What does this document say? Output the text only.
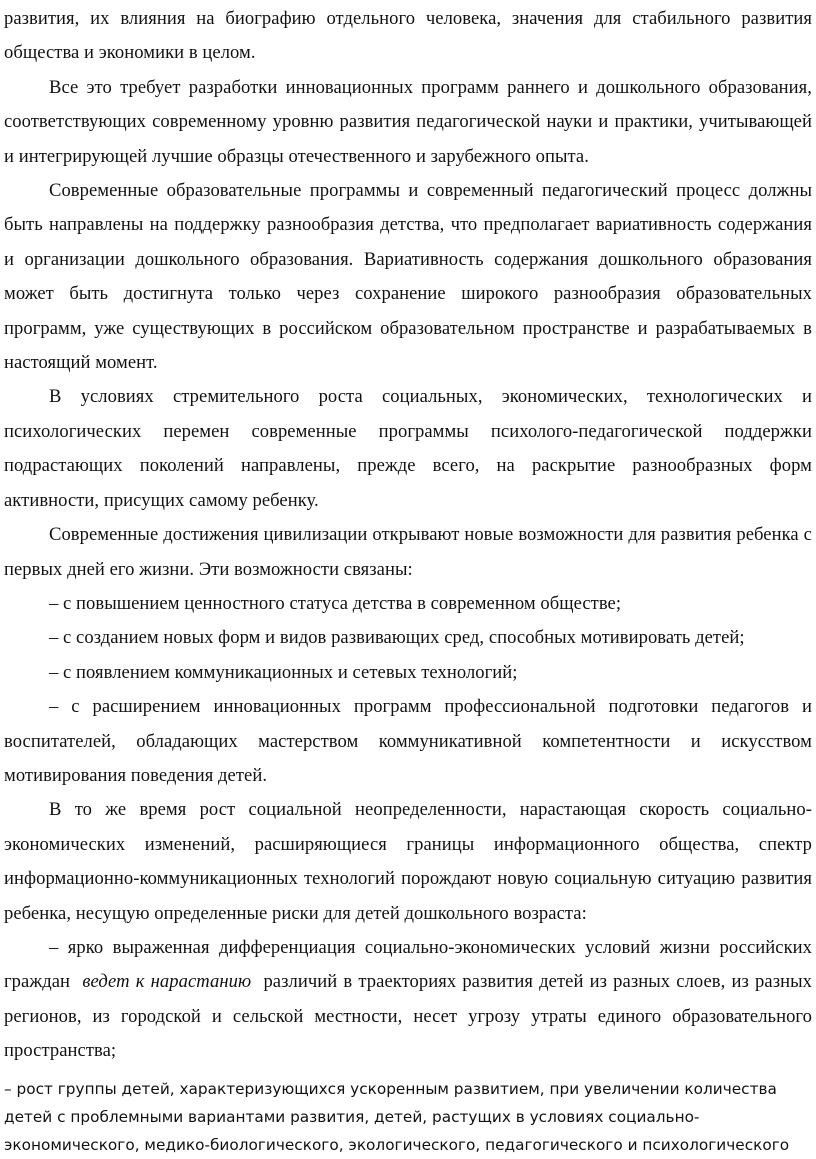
развития, их влияния на биографию отдельного человека, значения для стабильного развития общества и экономики в целом.

Все это требует разработки инновационных программ раннего и дошкольного образования, соответствующих современному уровню развития педагогической науки и практики, учитывающей и интегрирующей лучшие образцы отечественного и зарубежного опыта.

Современные образовательные программы и современный педагогический процесс должны быть направлены на поддержку разнообразия детства, что предполагает вариативность содержания и организации дошкольного образования. Вариативность содержания дошкольного образования может быть достигнута только через сохранение широкого разнообразия образовательных программ, уже существующих в российском образовательном пространстве и разрабатываемых в настоящий момент.

В условиях стремительного роста социальных, экономических, технологических и психологических перемен современные программы психолого-педагогической поддержки подрастающих поколений направлены, прежде всего, на раскрытие разнообразных форм активности, присущих самому ребенку.

Современные достижения цивилизации открывают новые возможности для развития ребенка с первых дней его жизни. Эти возможности связаны:

– с повышением ценностного статуса детства в современном обществе;

– с созданием новых форм и видов развивающих сред, способных мотивировать детей;

– с появлением коммуникационных и сетевых технологий;

– с расширением инновационных программ профессиональной подготовки педагогов и воспитателей, обладающих мастерством коммуникативной компетентности и искусством мотивирования поведения детей.

В то же время рост социальной неопределенности, нарастающая скорость социально-экономических изменений, расширяющиеся границы информационного общества, спектр информационно-коммуникационных технологий порождают новую социальную ситуацию развития ребенка, несущую определенные риски для детей дошкольного возраста:

– ярко выраженная дифференциация социально-экономических условий жизни российских граждан ведет к нарастанию различий в траекториях развития детей из разных слоев, из разных регионов, из городской и сельской местности, несет угрозу утраты единого образовательного пространства;

– рост группы детей, характеризующихся ускоренным развитием, при увеличении количества детей с проблемными вариантами развития, детей, растущих в условиях социально-экономического, медико-биологического, экологического, педагогического и психологического
